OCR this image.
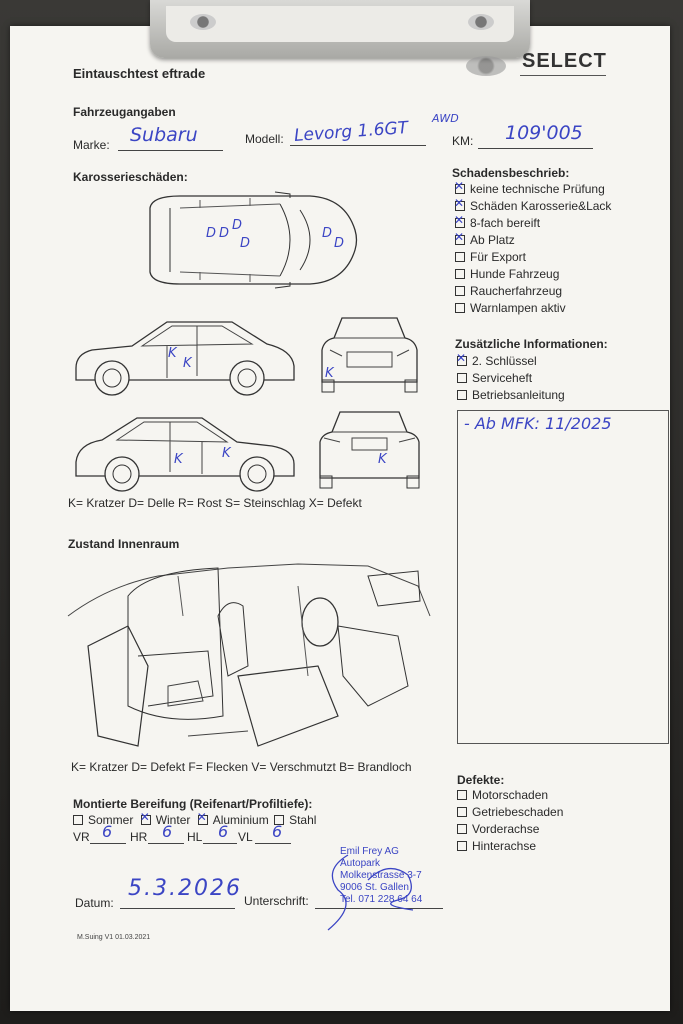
Eintauschtest eftrade
SELECT
Fahrzeugangaben
Marke: Subaru	Modell: Levorg 1.6GT AWD
KM: 109'005
Karosserieschäden:
D D
D
D
D
D
K
K
K
K	K	K
K= Kratzer D= Delle R= Rost S= Steinschlag X= Defekt
Schadensbeschrieb:
✕keine technische Prüfung
✕Schäden Karosserie&Lack
✕8-fach bereift
✕Ab Platz
Für Export
Hunde Fahrzeug
Raucherfahrzeug
Warnlampen aktiv
Zusätzliche Informationen:
✕2. Schlüssel
Serviceheft
Betriebsanleitung
- Ab MFK: 11/2025
Zustand Innenraum
K= Kratzer D= Defekt F= Flecken V= Verschmutzt B= Brandloch
Defekte:
Motorschaden
Getriebeschaden
Vorderachse
Hinterachse
Montierte Bereifung (Reifenart/Profiltiefe):
Sommer ✕ Winter ✕ Aluminium Stahl
VR 6 HR 6 HL 6 VL 6
Datum:
5.3.2026 Unterschrift:
Emil Frey AG
Autopark
Molkenstrasse 3-7
9006 St. Gallen
Tel. 071 228 64 64
M.Suing V1 01.03.2021
